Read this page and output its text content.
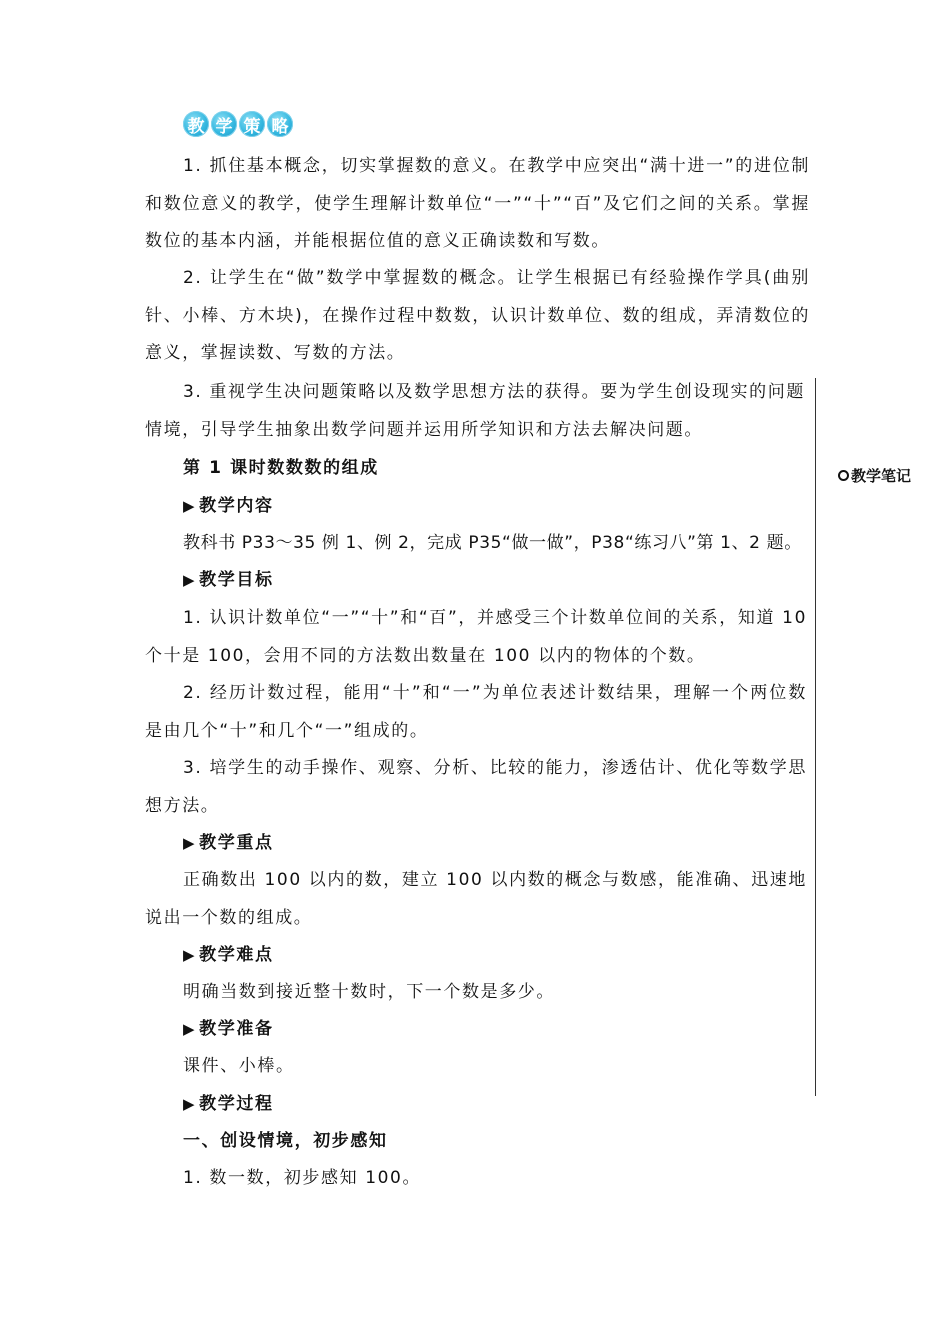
教 学 策 略

1. 抓住基本概念，切实掌握数的意义。在教学中应突出“满十进一”的进位制和数位意义的教学，使学生理解计数单位“一”“十”“百”及它们之间的关系。掌握数位的基本内涵，并能根据位值的意义正确读数和写数。

2. 让学生在“做”数学中掌握数的概念。让学生根据已有经验操作学具(曲别针、小棒、方木块)，在操作过程中数数，认识计数单位、数的组成，弄清数位的意义，掌握读数、写数的方法。

3. 重视学生决问题策略以及数学思想方法的获得。要为学生创设现实的问题情境，引导学生抽象出数学问题并运用所学知识和方法去解决问题。

教学笔记
第 1 课时数数数的组成
▶ 教学内容
教科书 P33～35 例 1、例 2，完成 P35“做一做”，P38“练习八”第 1、2 题。
▶ 教学目标

1. 认识计数单位“一”“十”和“百”，并感受三个计数单位间的关系，知道 10 个十是 100，会用不同的方法数出数量在 100 以内的物体的个数。

2. 经历计数过程，能用“十”和“一”为单位表述计数结果，理解一个两位数是由几个“十”和几个“一”组成的。

3. 培学生的动手操作、观察、分析、比较的能力，渗透估计、优化等数学思想方法。

▶ 教学重点

正确数出 100 以内的数，建立 100 以内数的概念与数感，能准确、迅速地说出一个数的组成。

▶ 教学难点
明确当数到接近整十数时，下一个数是多少。
▶ 教学准备
课件、小棒。
▶ 教学过程
一、创设情境，初步感知
1. 数一数，初步感知 100。
